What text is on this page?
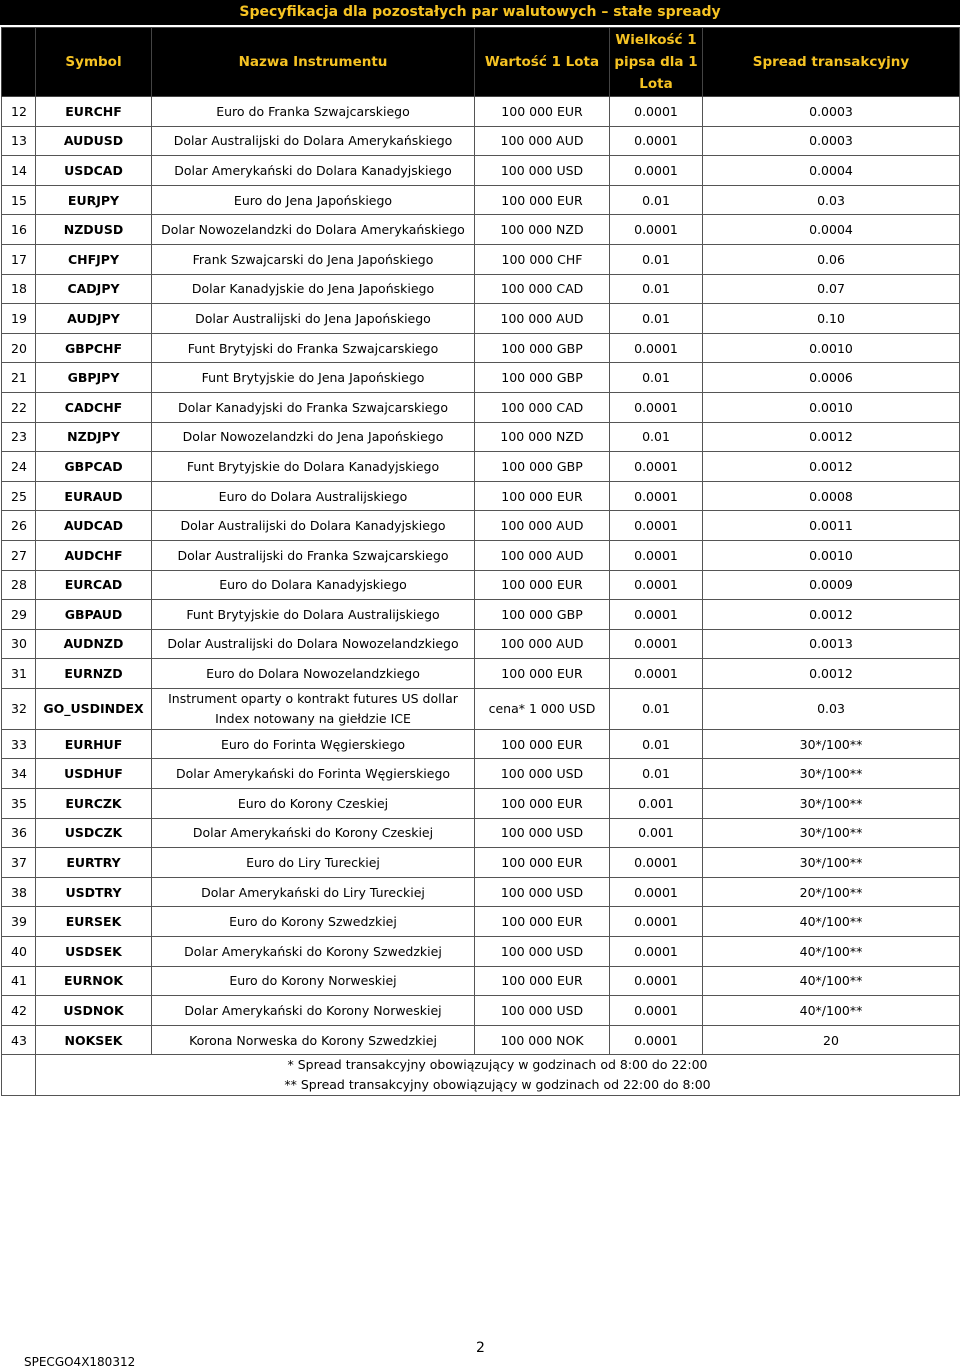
Specyfikacja dla pozostałych par walutowych – stałe spready
	Symbol	Nazwa Instrumentu	Wartość 1 Lota	Wielkość 1 pipsa dla 1 Lota	Spread transakcyjny
12	EURCHF	Euro do Franka Szwajcarskiego	100 000 EUR	0.0001	0.0003
13	AUDUSD	Dolar Australijski do Dolara Amerykańskiego	100 000 AUD	0.0001	0.0003
14	USDCAD	Dolar Amerykański do Dolara Kanadyjskiego	100 000 USD	0.0001	0.0004
15	EURJPY	Euro do Jena Japońskiego	100 000 EUR	0.01	0.03
16	NZDUSD	Dolar Nowozelandzki do Dolara Amerykańskiego	100 000 NZD	0.0001	0.0004
17	CHFJPY	Frank Szwajcarski do Jena Japońskiego	100 000 CHF	0.01	0.06
18	CADJPY	Dolar Kanadyjskie do Jena Japońskiego	100 000 CAD	0.01	0.07
19	AUDJPY	Dolar Australijski do Jena Japońskiego	100 000 AUD	0.01	0.10
20	GBPCHF	Funt Brytyjski do Franka Szwajcarskiego	100 000 GBP	0.0001	0.0010
21	GBPJPY	Funt Brytyjskie do Jena Japońskiego	100 000 GBP	0.01	0.0006
22	CADCHF	Dolar Kanadyjski do Franka Szwajcarskiego	100 000 CAD	0.0001	0.0010
23	NZDJPY	Dolar Nowozelandzki do Jena Japońskiego	100 000 NZD	0.01	0.0012
24	GBPCAD	Funt Brytyjskie do Dolara Kanadyjskiego	100 000 GBP	0.0001	0.0012
25	EURAUD	Euro do Dolara Australijskiego	100 000 EUR	0.0001	0.0008
26	AUDCAD	Dolar Australijski do Dolara Kanadyjskiego	100 000 AUD	0.0001	0.0011
27	AUDCHF	Dolar Australijski do Franka Szwajcarskiego	100 000 AUD	0.0001	0.0010
28	EURCAD	Euro do Dolara Kanadyjskiego	100 000 EUR	0.0001	0.0009
29	GBPAUD	Funt Brytyjskie do Dolara Australijskiego	100 000 GBP	0.0001	0.0012
30	AUDNZD	Dolar Australijski do Dolara Nowozelandzkiego	100 000 AUD	0.0001	0.0013
31	EURNZD	Euro do Dolara Nowozelandzkiego	100 000 EUR	0.0001	0.0012
32	GO_USDINDEX	Instrument oparty o kontrakt futures US dollar Index notowany na giełdzie ICE	cena* 1 000 USD	0.01	0.03
33	EURHUF	Euro do Forinta Węgierskiego	100 000 EUR	0.01	30*/100**
34	USDHUF	Dolar Amerykański do Forinta Węgierskiego	100 000 USD	0.01	30*/100**
35	EURCZK	Euro do Korony Czeskiej	100 000 EUR	0.001	30*/100**
36	USDCZK	Dolar Amerykański do Korony Czeskiej	100 000 USD	0.001	30*/100**
37	EURTRY	Euro do Liry Tureckiej	100 000 EUR	0.0001	30*/100**
38	USDTRY	Dolar Amerykański do Liry Tureckiej	100 000 USD	0.0001	20*/100**
39	EURSEK	Euro do Korony Szwedzkiej	100 000 EUR	0.0001	40*/100**
40	USDSEK	Dolar Amerykański do Korony Szwedzkiej	100 000 USD	0.0001	40*/100**
41	EURNOK	Euro do Korony Norweskiej	100 000 EUR	0.0001	40*/100**
42	USDNOK	Dolar Amerykański do Korony Norweskiej	100 000 USD	0.0001	40*/100**
43	NOKSEK	Korona Norweska do Korony Szwedzkiej	100 000 NOK	0.0001	20

	* Spread transakcyjny obowiązujący w godzinach od 8:00 do 22:00
** Spread transakcyjny obowiązujący w godzinach od 22:00 do 8:00				
2
SPECGO4X180312
